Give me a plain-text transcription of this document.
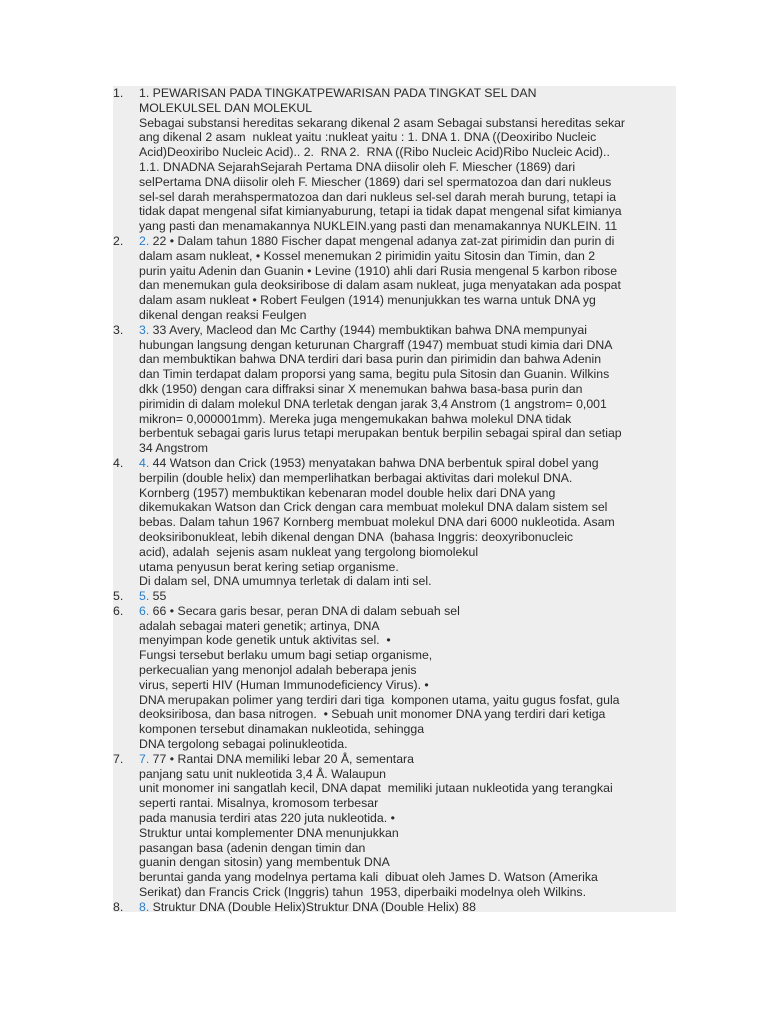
1. 1. PEWARISAN PADA TINGKATPEWARISAN PADA TINGKAT SEL DAN
MOLEKULSEL DAN MOLEKUL
Sebagai substansi hereditas sekarang dikenal 2 asam Sebagai substansi hereditas sekar
ang dikenal 2 asam  nukleat yaitu :nukleat yaitu : 1. DNA 1. DNA ((Deoxiribo Nucleic
Acid)Deoxiribo Nucleic Acid).. 2.  RNA 2.  RNA ((Ribo Nucleic Acid)Ribo Nucleic Acid)..
1.1. DNADNA SejarahSejarah Pertama DNA diisolir oleh F. Miescher (1869) dari
selPertama DNA diisolir oleh F. Miescher (1869) dari sel spermatozoa dan dari nukleus
sel-sel darah merahspermatozoa dan dari nukleus sel-sel darah merah burung, tetapi ia
tidak dapat mengenal sifat kimianyaburung, tetapi ia tidak dapat mengenal sifat kimianya
yang pasti dan menamakannya NUKLEIN.yang pasti dan menamakannya NUKLEIN. 11
2. 2. 22 • Dalam tahun 1880 Fischer dapat mengenal adanya zat-zat pirimidin dan purin di
dalam asam nukleat, • Kossel menemukan 2 pirimidin yaitu Sitosin dan Timin, dan 2
purin yaitu Adenin dan Guanin • Levine (1910) ahli dari Rusia mengenal 5 karbon ribose
dan menemukan gula deoksiribose di dalam asam nukleat, juga menyatakan ada pospat
dalam asam nukleat • Robert Feulgen (1914) menunjukkan tes warna untuk DNA yg
dikenal dengan reaksi Feulgen
3. 3. 33 Avery, Macleod dan Mc Carthy (1944) membuktikan bahwa DNA mempunyai
hubungan langsung dengan keturunan Chargraff (1947) membuat studi kimia dari DNA
dan membuktikan bahwa DNA terdiri dari basa purin dan pirimidin dan bahwa Adenin
dan Timin terdapat dalam proporsi yang sama, begitu pula Sitosin dan Guanin. Wilkins
dkk (1950) dengan cara diffraksi sinar X menemukan bahwa basa-basa purin dan
pirimidin di dalam molekul DNA terletak dengan jarak 3,4 Anstrom (1 angstrom= 0,001
mikron= 0,000001mm). Mereka juga mengemukakan bahwa molekul DNA tidak
berbentuk sebagai garis lurus tetapi merupakan bentuk berpilin sebagai spiral dan setiap
34 Angstrom
4. 4. 44 Watson dan Crick (1953) menyatakan bahwa DNA berbentuk spiral dobel yang
berpilin (double helix) dan memperlihatkan berbagai aktivitas dari molekul DNA.
Kornberg (1957) membuktikan kebenaran model double helix dari DNA yang
dikemukakan Watson dan Crick dengan cara membuat molekul DNA dalam sistem sel
bebas. Dalam tahun 1967 Kornberg membuat molekul DNA dari 6000 nukleotida. Asam
deoksiribonukleat, lebih dikenal dengan DNA  (bahasa Inggris: deoxyribonucleic
acid), adalah  sejenis asam nukleat yang tergolong biomolekul
utama penyusun berat kering setiap organisme.
Di dalam sel, DNA umumnya terletak di dalam inti sel.
5. 5. 55
6. 6. 66 • Secara garis besar, peran DNA di dalam sebuah sel
adalah sebagai materi genetik; artinya, DNA
menyimpan kode genetik untuk aktivitas sel.  •
Fungsi tersebut berlaku umum bagi setiap organisme,
perkecualian yang menonjol adalah beberapa jenis
virus, seperti HIV (Human Immunodeficiency Virus). •
DNA merupakan polimer yang terdiri dari tiga  komponen utama, yaitu gugus fosfat, gula
deoksiribosa, dan basa nitrogen.  • Sebuah unit monomer DNA yang terdiri dari ketiga
komponen tersebut dinamakan nukleotida, sehingga
DNA tergolong sebagai polinukleotida.
7. 7. 77 • Rantai DNA memiliki lebar 20 Å, sementara
panjang satu unit nukleotida 3,4 Å. Walaupun
unit monomer ini sangatlah kecil, DNA dapat  memiliki jutaan nukleotida yang terangkai
seperti rantai. Misalnya, kromosom terbesar
pada manusia terdiri atas 220 juta nukleotida. •
Struktur untai komplementer DNA menunjukkan
pasangan basa (adenin dengan timin dan
guanin dengan sitosin) yang membentuk DNA
beruntai ganda yang modelnya pertama kali  dibuat oleh James D. Watson (Amerika
Serikat) dan Francis Crick (Inggris) tahun  1953, diperbaiki modelnya oleh Wilkins.
8. 8. Struktur DNA (Double Helix)Struktur DNA (Double Helix) 88
